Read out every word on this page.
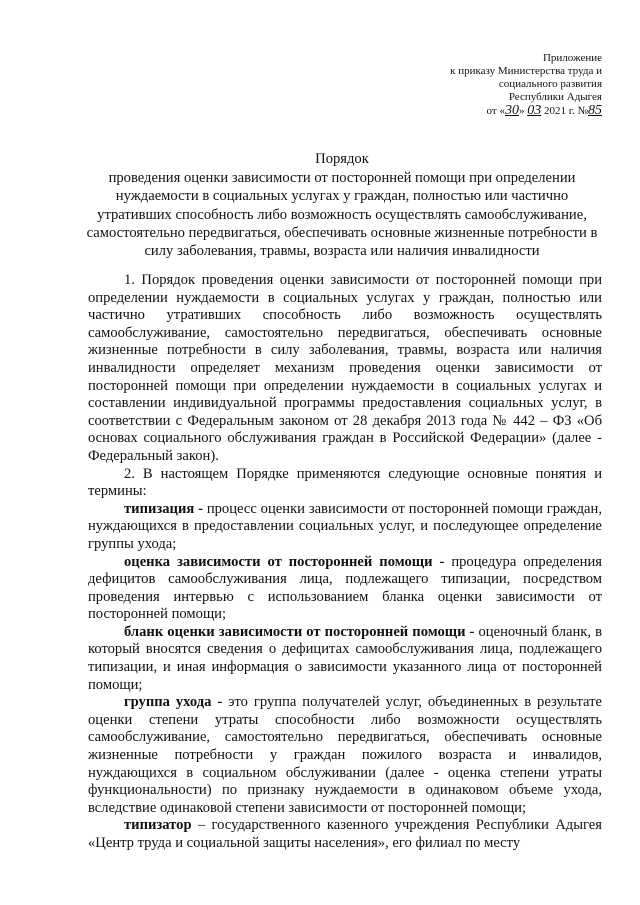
Приложение
к приказу Министерства труда и
социального развития
Республики Адыгея
от «30» 03 2021 г. №85
Порядок
проведения оценки зависимости от посторонней помощи при определении нуждаемости в социальных услугах у граждан, полностью или частично утративших способность либо возможность осуществлять самообслуживание, самостоятельно передвигаться, обеспечивать основные жизненные потребности в силу заболевания, травмы, возраста или наличия инвалидности

1. Порядок проведения оценки зависимости от посторонней помощи при определении нуждаемости в социальных услугах у граждан, полностью или частично утративших способность либо возможность осуществлять самообслуживание, самостоятельно передвигаться, обеспечивать основные жизненные потребности в силу заболевания, травмы, возраста или наличия инвалидности определяет механизм проведения оценки зависимости от посторонней помощи при определении нуждаемости в социальных услугах и составлении индивидуальной программы предоставления социальных услуг, в соответствии с Федеральным законом от 28 декабря 2013 года № 442 – ФЗ «Об основах социального обслуживания граждан в Российской Федерации» (далее - Федеральный закон).

2. В настоящем Порядке применяются следующие основные понятия и термины:

типизация - процесс оценки зависимости от посторонней помощи граждан, нуждающихся в предоставлении социальных услуг, и последующее определение группы ухода;

оценка зависимости от посторонней помощи - процедура определения дефицитов самообслуживания лица, подлежащего типизации, посредством проведения интервью с использованием бланка оценки зависимости от посторонней помощи;

бланк оценки зависимости от посторонней помощи - оценочный бланк, в который вносятся сведения о дефицитах самообслуживания лица, подлежащего типизации, и иная информация о зависимости указанного лица от посторонней помощи;

группа ухода - это группа получателей услуг, объединенных в результате оценки степени утраты способности либо возможности осуществлять самообслуживание, самостоятельно передвигаться, обеспечивать основные жизненные потребности у граждан пожилого возраста и инвалидов, нуждающихся в социальном обслуживании (далее - оценка степени утраты функциональности) по признаку нуждаемости в одинаковом объеме ухода, вследствие одинаковой степени зависимости от посторонней помощи;

типизатор – государственного казенного учреждения Республики Адыгея «Центр труда и социальной защиты населения», его филиал по месту
